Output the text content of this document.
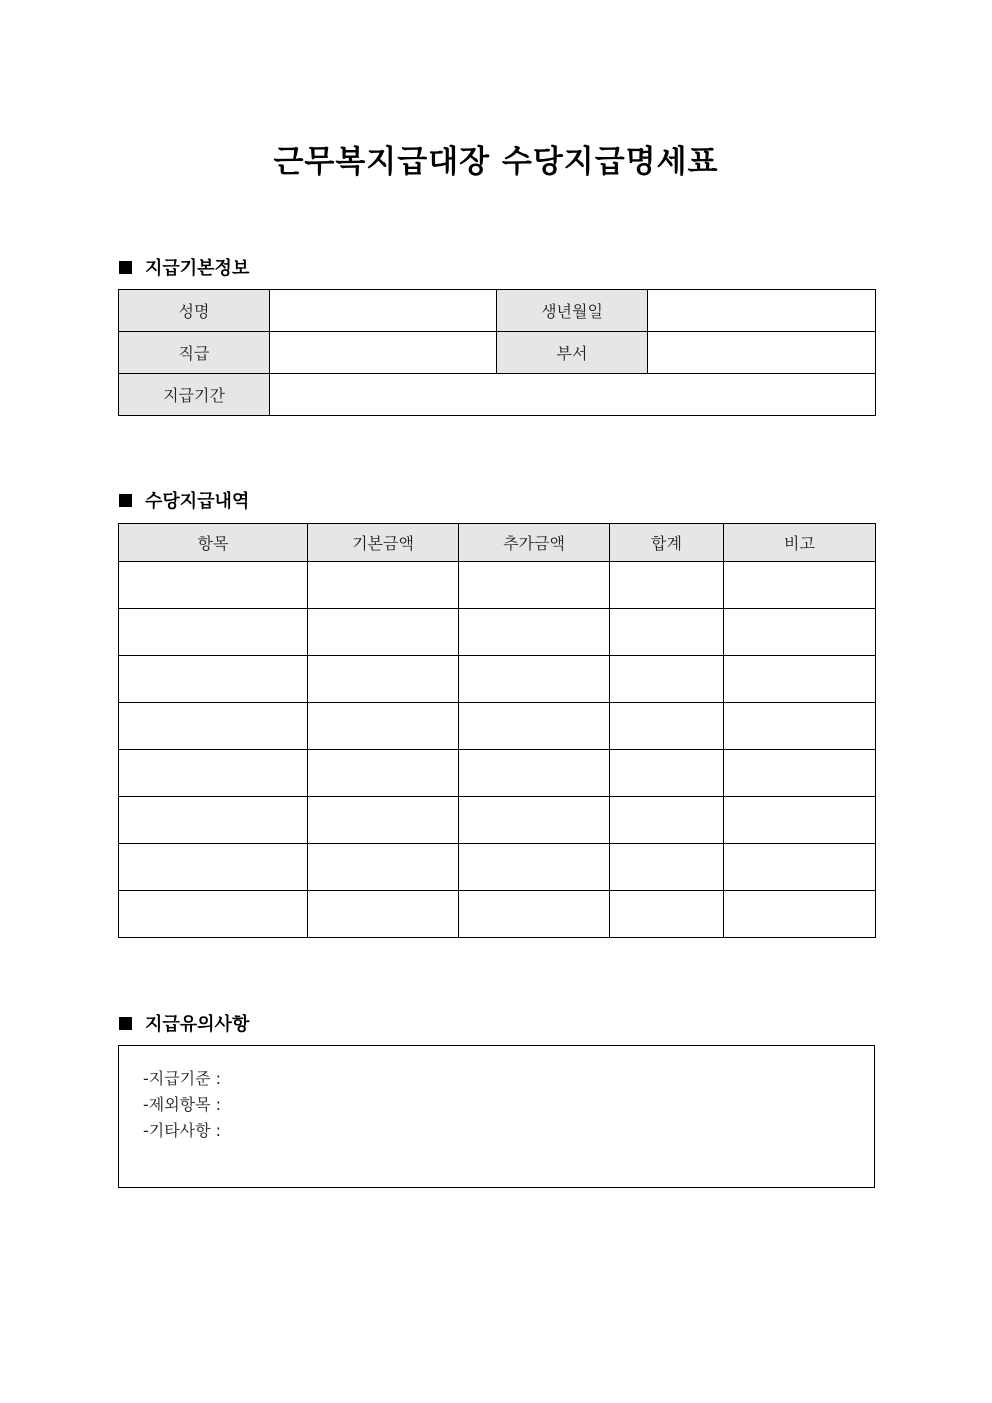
근무복지급대장 수당지급명세표
지급기본정보
성명		생년월일	
직급		부서	
지급기간			
수당지급내역
항목	기본금액	추가금액	합계	비고

지급유의사항
-지급기준 :
-제외항목 :
-기타사항 :
